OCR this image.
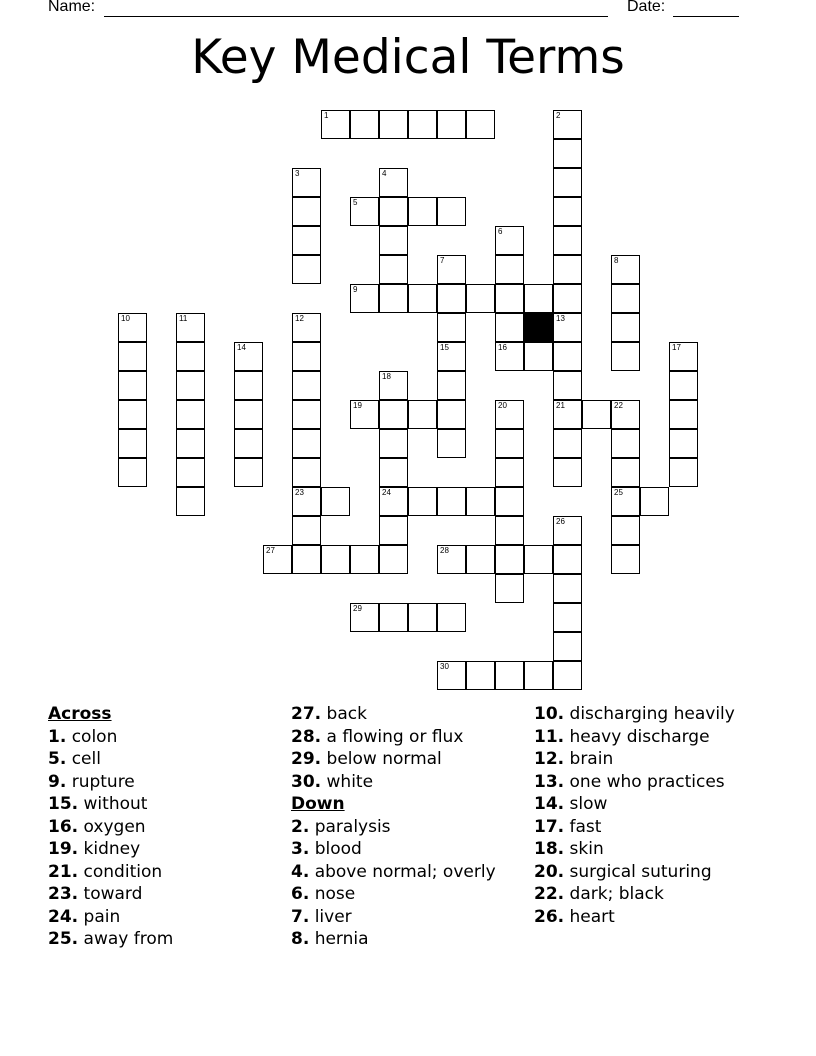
Name:	Date:
Key Medical Terms
1
5
9
15	16
19	21	22
23	24	25
27	28
29
30
2
3	4
6
7	8
10	11	12	13
14	17
18
20
26
Across
1. colon
5. cell
9. rupture
15. without
16. oxygen
19. kidney
21. condition
23. toward
24. pain
25. away from
27. back
28. a flowing or flux
29. below normal
30. white
Down
2. paralysis
3. blood
4. above normal; overly
6. nose
7. liver
8. hernia
10. discharging heavily
11. heavy discharge
12. brain
13. one who practices
14. slow
17. fast
18. skin
20. surgical suturing
22. dark; black
26. heart
